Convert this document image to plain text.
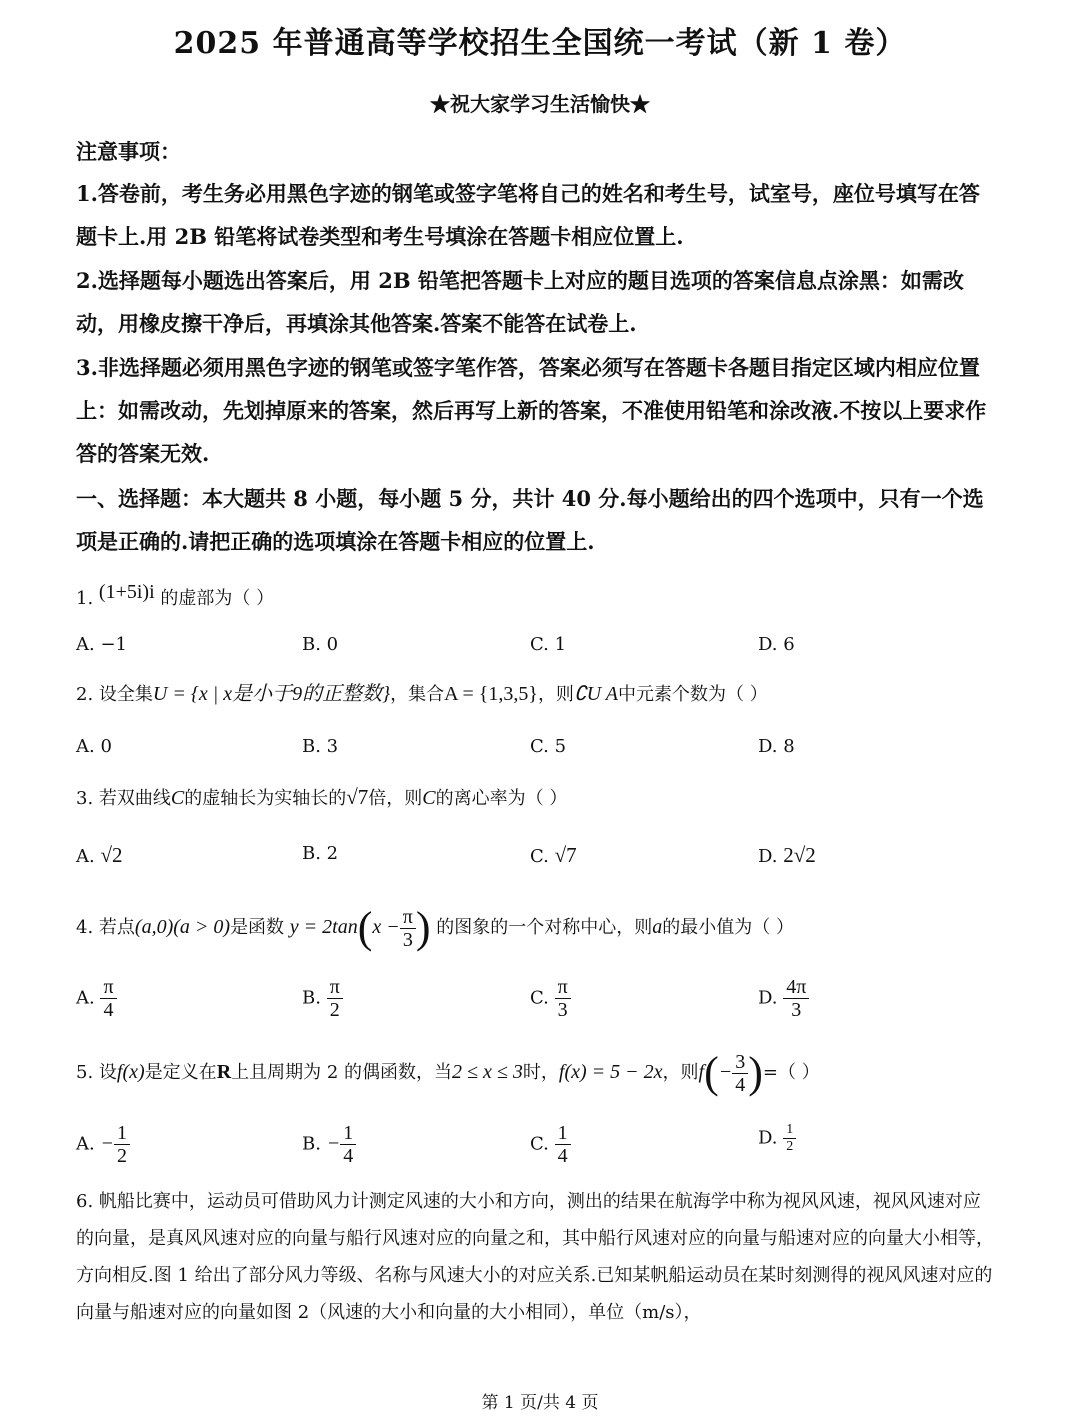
2025 年普通高等学校招生全国统一考试（新 1 卷）
★祝大家学习生活愉快★
注意事项：
1.答卷前，考生务必用黑色字迹的钢笔或签字笔将自己的姓名和考生号，试室号，座位号填写在答题卡上.用 2B 铅笔将试卷类型和考生号填涂在答题卡相应位置上.
2.选择题每小题选出答案后，用 2B 铅笔把答题卡上对应的题目选项的答案信息点涂黑：如需改动，用橡皮擦干净后，再填涂其他答案.答案不能答在试卷上.
3.非选择题必须用黑色字迹的钢笔或签字笔作答，答案必须写在答题卡各题目指定区域内相应位置上：如需改动，先划掉原来的答案，然后再写上新的答案，不准使用铅笔和涂改液.不按以上要求作答的答案无效.
一、选择题：本大题共 8 小题，每小题 5 分，共计 40 分.每小题给出的四个选项中，只有一个选项是正确的.请把正确的选项填涂在答题卡相应的位置上.
1. (1+5i)i 的虚部为（ ）
A. −1	B. 0	C. 1	D. 6
2. 设全集U = {x | x是小于9的正整数}，集合A = {1,3,5}，则∁U A中元素个数为（ ）
A. 0	B. 3	C. 5	D. 8
3. 若双曲线C的虚轴长为实轴长的√7倍，则C的离心率为（ ）
A. √2	B. 2	C. √7	D. 2√2
4. 若点(a,0)(a > 0)是函数 $y = 2\tan(x - \frac{\pi}{3}$ ) 的图象的一个对称中心，则a的最小值为（ ）
A. $\frac{\pi}{4}$	B. $\frac{\pi}{2}$	C. $\frac{\pi}{3}$	D. $\frac{4\pi}{3}$
5. 设f(x)是定义在R上且周期为 2 的偶函数，当2 ≤ x ≤ 3时，f(x) = 5 − 2x，则$f(- \frac{3}{4}$ )=（ ）
A. − $\frac{1}{2}$	B. − $\frac{1}{4}$	C. $\frac{1}{4}$	D. $\frac{1}{2}$
6. 帆船比赛中，运动员可借助风力计测定风速的大小和方向，测出的结果在航海学中称为视风风速，视风风速对应的向量，是真风风速对应的向量与船行风速对应的向量之和，其中船行风速对应的向量与船速对应的向量大小相等，方向相反.图 1 给出了部分风力等级、名称与风速大小的对应关系.已知某帆船运动员在某时刻测得的视风风速对应的向量与船速对应的向量如图 2（风速的大小和向量的大小相同），单位（m/s），
第 1 页/共 4 页
